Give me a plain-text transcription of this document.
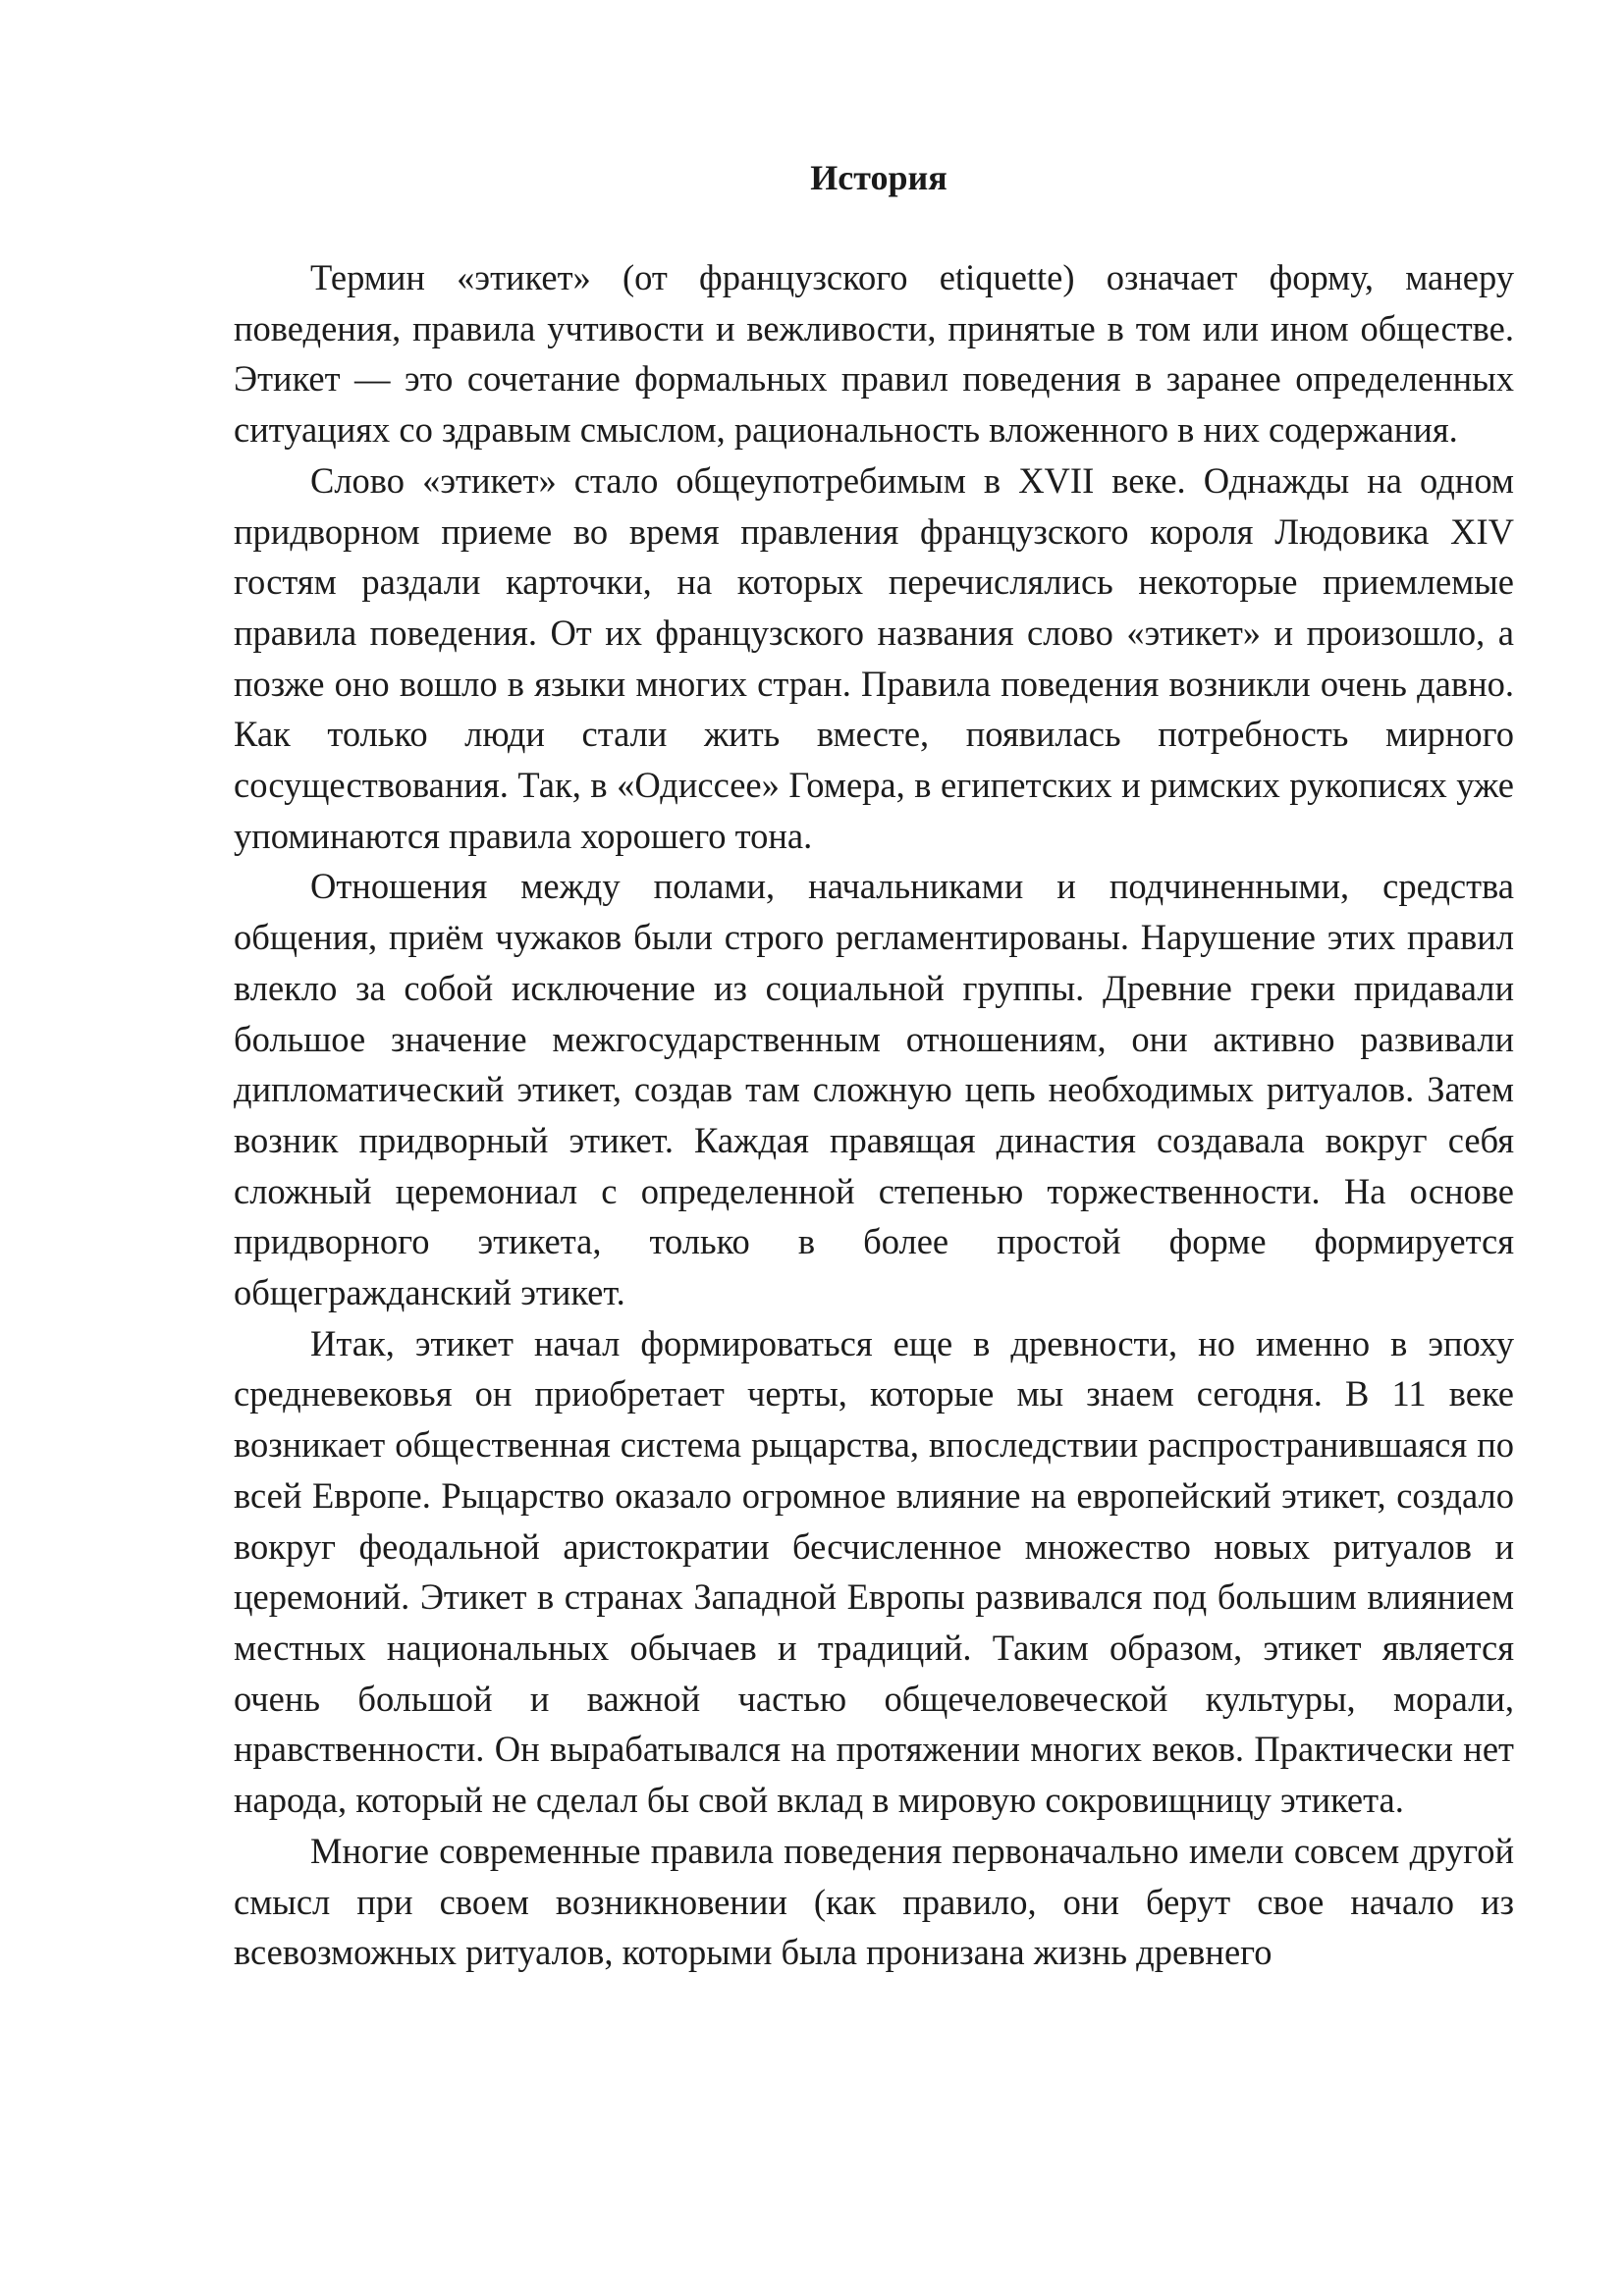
История

Термин «этикет» (от французского etiquette) означает форму, манеру поведения, правила учтивости и вежливости, принятые в том или ином обществе. Этикет — это сочетание формальных правил поведения в заранее определенных ситуациях со здравым смыслом, рациональность вложенного в них содержания.

Слово «этикет» стало общеупотребимым в XVII веке. Однажды на одном придворном приеме во время правления французского короля Людовика XIV гостям раздали карточки, на которых перечислялись некоторые приемлемые правила поведения. От их французского названия слово «этикет» и произошло, а позже оно вошло в языки многих стран. Правила поведения возникли очень давно. Как только люди стали жить вместе, появилась потребность мирного сосуществования. Так, в «Одиссее» Гомера, в египетских и римских рукописях уже упоминаются правила хорошего тона.

Отношения между полами, начальниками и подчиненными, средства общения, приём чужаков были строго регламентированы. Нарушение этих правил влекло за собой исключение из социальной группы. Древние греки придавали большое значение межгосударственным отношениям, они активно развивали дипломатический этикет, создав там сложную цепь необходимых ритуалов. Затем возник придворный этикет. Каждая правящая династия создавала вокруг себя сложный церемониал с определенной степенью торжественности. На основе придворного этикета, только в более простой форме формируется общегражданский этикет.

Итак, этикет начал формироваться еще в древности, но именно в эпоху средневековья он приобретает черты, которые мы знаем сегодня. В 11 веке возникает общественная система рыцарства, впоследствии распространившаяся по всей Европе. Рыцарство оказало огромное влияние на европейский этикет, создало вокруг феодальной аристократии бесчисленное множество новых ритуалов и церемоний. Этикет в странах Западной Европы развивался под большим влиянием местных национальных обычаев и традиций. Таким образом, этикет является очень большой и важной частью общечеловеческой культуры, морали, нравственности. Он вырабатывался на протяжении многих веков. Практически нет народа, который не сделал бы свой вклад в мировую сокровищницу этикета.

Многие современные правила поведения первоначально имели совсем другой смысл при своем возникновении (как правило, они берут свое начало из всевозможных ритуалов, которыми была пронизана жизнь древнего
